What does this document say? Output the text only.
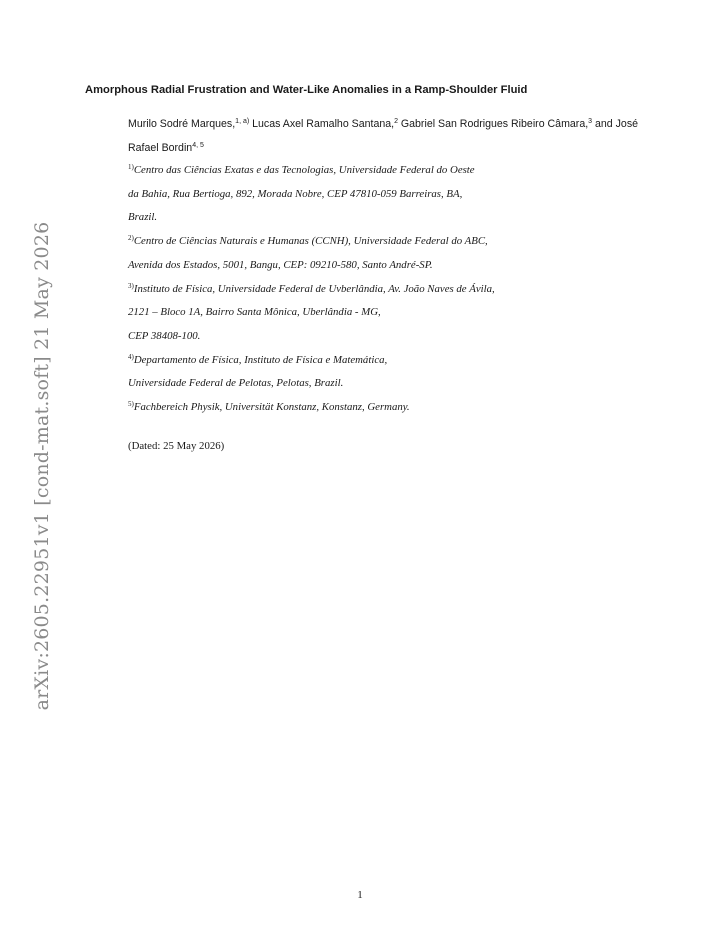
arXiv:2605.22951v1 [cond-mat.soft] 21 May 2026
Amorphous Radial Frustration and Water-Like Anomalies in a Ramp-Shoulder Fluid
Murilo Sodré Marques,$^{1, a)}$ Lucas Axel Ramalho Santana,$^2$ Gabriel San Rodrigues Ribeiro Câmara,$^3$ and José Rafael Bordin$^{4, 5}$

$^{1)}$Centro das Ciências Exatas e das Tecnologias, Universidade Federal do Oeste
da Bahia, Rua Bertioga, 892, Morada Nobre, CEP 47810-059 Barreiras, BA,
Brazil.

$^{2)}$Centro de Ciências Naturais e Humanas (CCNH), Universidade Federal do ABC,
Avenida dos Estados, 5001, Bangu, CEP: 09210-580, Santo André-SP.

$^{3)}$Instituto de Física, Universidade Federal de Uvberlândia, Av. João Naves de Ávila,
2121 – Bloco 1A, Bairro Santa Mônica, Uberlândia - MG,
CEP 38408-100.

$^{4)}$Departamento de Física, Instituto de Física e Matemática,
Universidade Federal de Pelotas, Pelotas, Brazil.

$^{5)}$Fachbereich Physik, Universität Konstanz, Konstanz, Germany.

(Dated: 25 May 2026)
1
